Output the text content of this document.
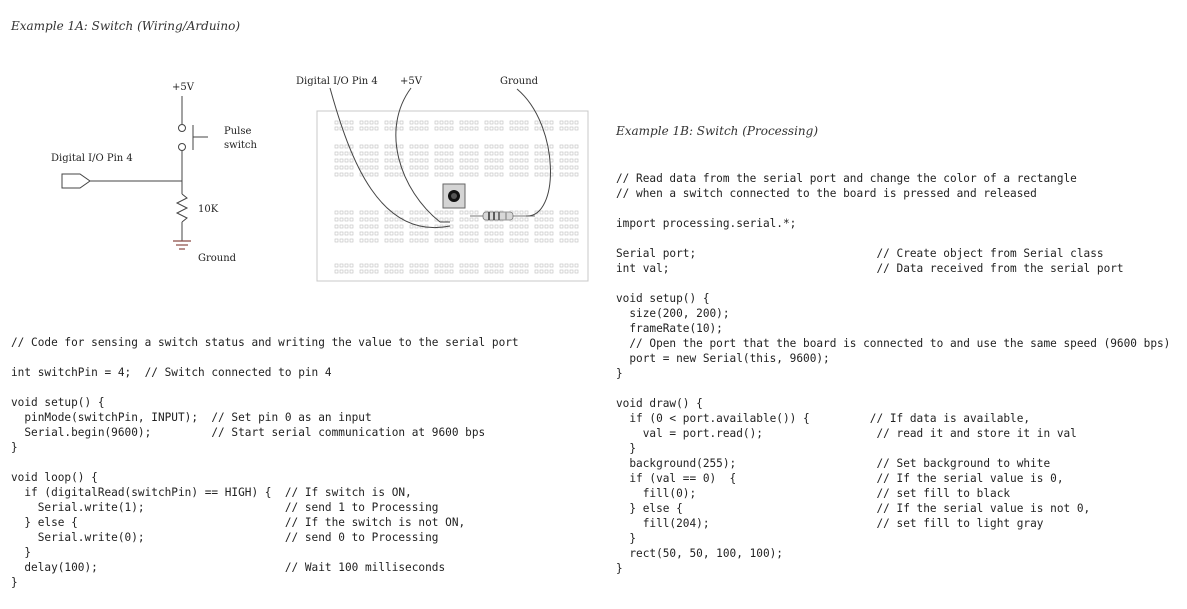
Example 1A: Switch (Wiring/Arduino)

Example 1B: Switch (Processing)

+5V
Pulse
switch
Digital I/O Pin 4
10K
Ground
Digital I/O Pin 4 +5V	Ground
// Code for sensing a switch status and writing the value to the serial port
int switchPin = 4;  // Switch connected to pin 4
void setup() {
pinMode(switchPin, INPUT);  // Set pin 0 as an input
Serial.begin(9600);         // Start serial communication at 9600 bps
}
void loop() {
if (digitalRead(switchPin) == HIGH) {  // If switch is ON,
Serial.write(1);                     // send 1 to Processing
} else {                               // If the switch is not ON,
Serial.write(0);                     // send 0 to Processing
}
delay(100);                            // Wait 100 milliseconds
}
// Read data from the serial port and change the color of a rectangle
// when a switch connected to the board is pressed and released
import processing.serial.*;
Serial port;                           // Create object from Serial class
int val;                               // Data received from the serial port
void setup() {
size(200, 200);
frameRate(10);
// Open the port that the board is connected to and use the same speed (9600 bps)
port = new Serial(this, 9600);
}
void draw() {
if (0 < port.available()) {         // If data is available,
val = port.read();                 // read it and store it in val
}
background(255);                     // Set background to white
if (val == 0)  {                     // If the serial value is 0,
fill(0);                           // set fill to black
} else {                             // If the serial value is not 0,
fill(204);                         // set fill to light gray
}
rect(50, 50, 100, 100);
}
